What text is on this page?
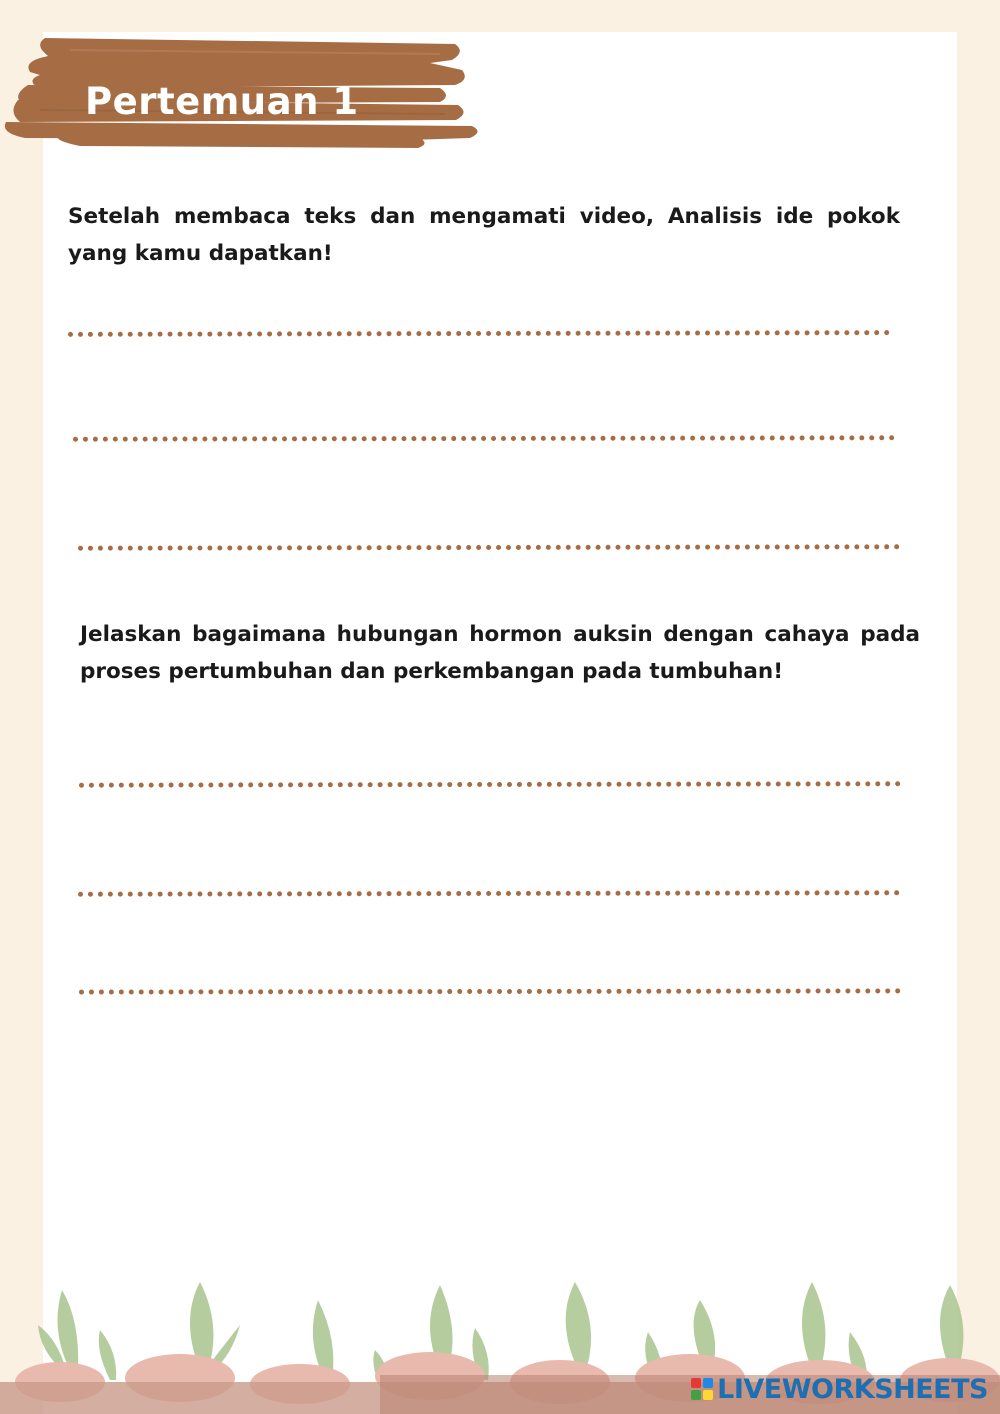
Pertemuan 1

Setelah membaca teks dan mengamati video, Analisis ide pokok yang kamu dapatkan!

Jelaskan bagaimana hubungan hormon auksin dengan cahaya pada proses pertumbuhan dan perkembangan pada tumbuhan!

LIVEWORKSHEETS
